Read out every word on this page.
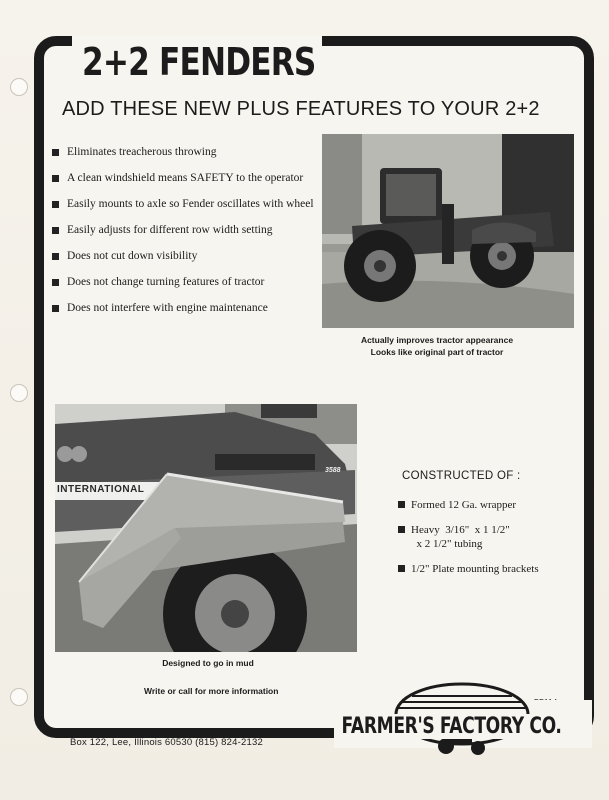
2+2 FENDERS
ADD THESE NEW PLUS FEATURES TO YOUR 2+2
Eliminates treacherous throwing
A clean windshield means SAFETY to the operator
Easily mounts to axle so Fender oscillates with wheel
Easily adjusts for different row width setting
Does not cut down visibility
Does not change turning features of tractor
Does not interfere with engine maintenance
Actually improves tractor appearance
Looks like original part of tractor
INTERNATIONAL
3588
Designed to go in mud
CONSTRUCTED OF :
Formed 12 Ga. wrapper
Heavy  3/16"  x 1 1/2"
x 2 1/2" tubing
1/2" Plate mounting brackets
Write or call for more information
FARMER'S FACTORY CO.
Box 122, Lee, Illinois 60530 (815) 824-2132
